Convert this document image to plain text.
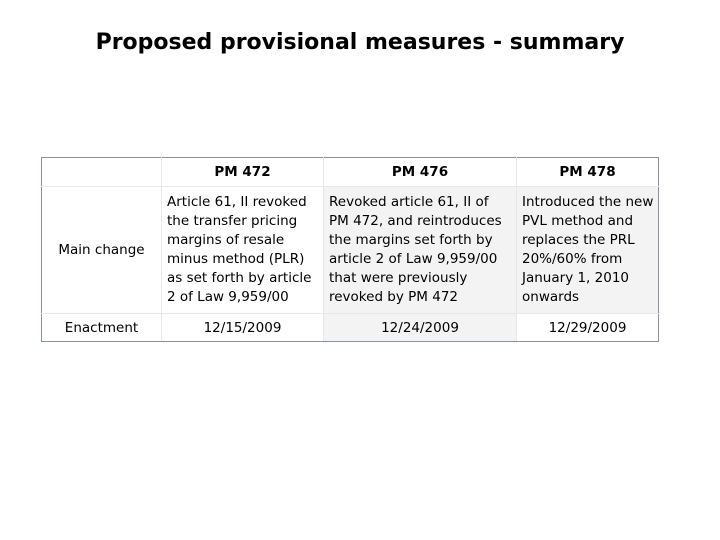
Proposed provisional measures - summary
	PM 472	PM 476	PM 478
Main change	Article 61, II revoked the transfer pricing margins of resale minus method (PLR) as set forth by article 2 of Law 9,959/00	Revoked article 61, II of PM 472, and reintroduces the margins set forth by article 2 of Law 9,959/00 that were previously revoked by PM 472	Introduced the new PVL method and replaces the PRL 20%/60% from January 1, 2010 onwards
Enactment	12/15/2009	12/24/2009	12/29/2009
